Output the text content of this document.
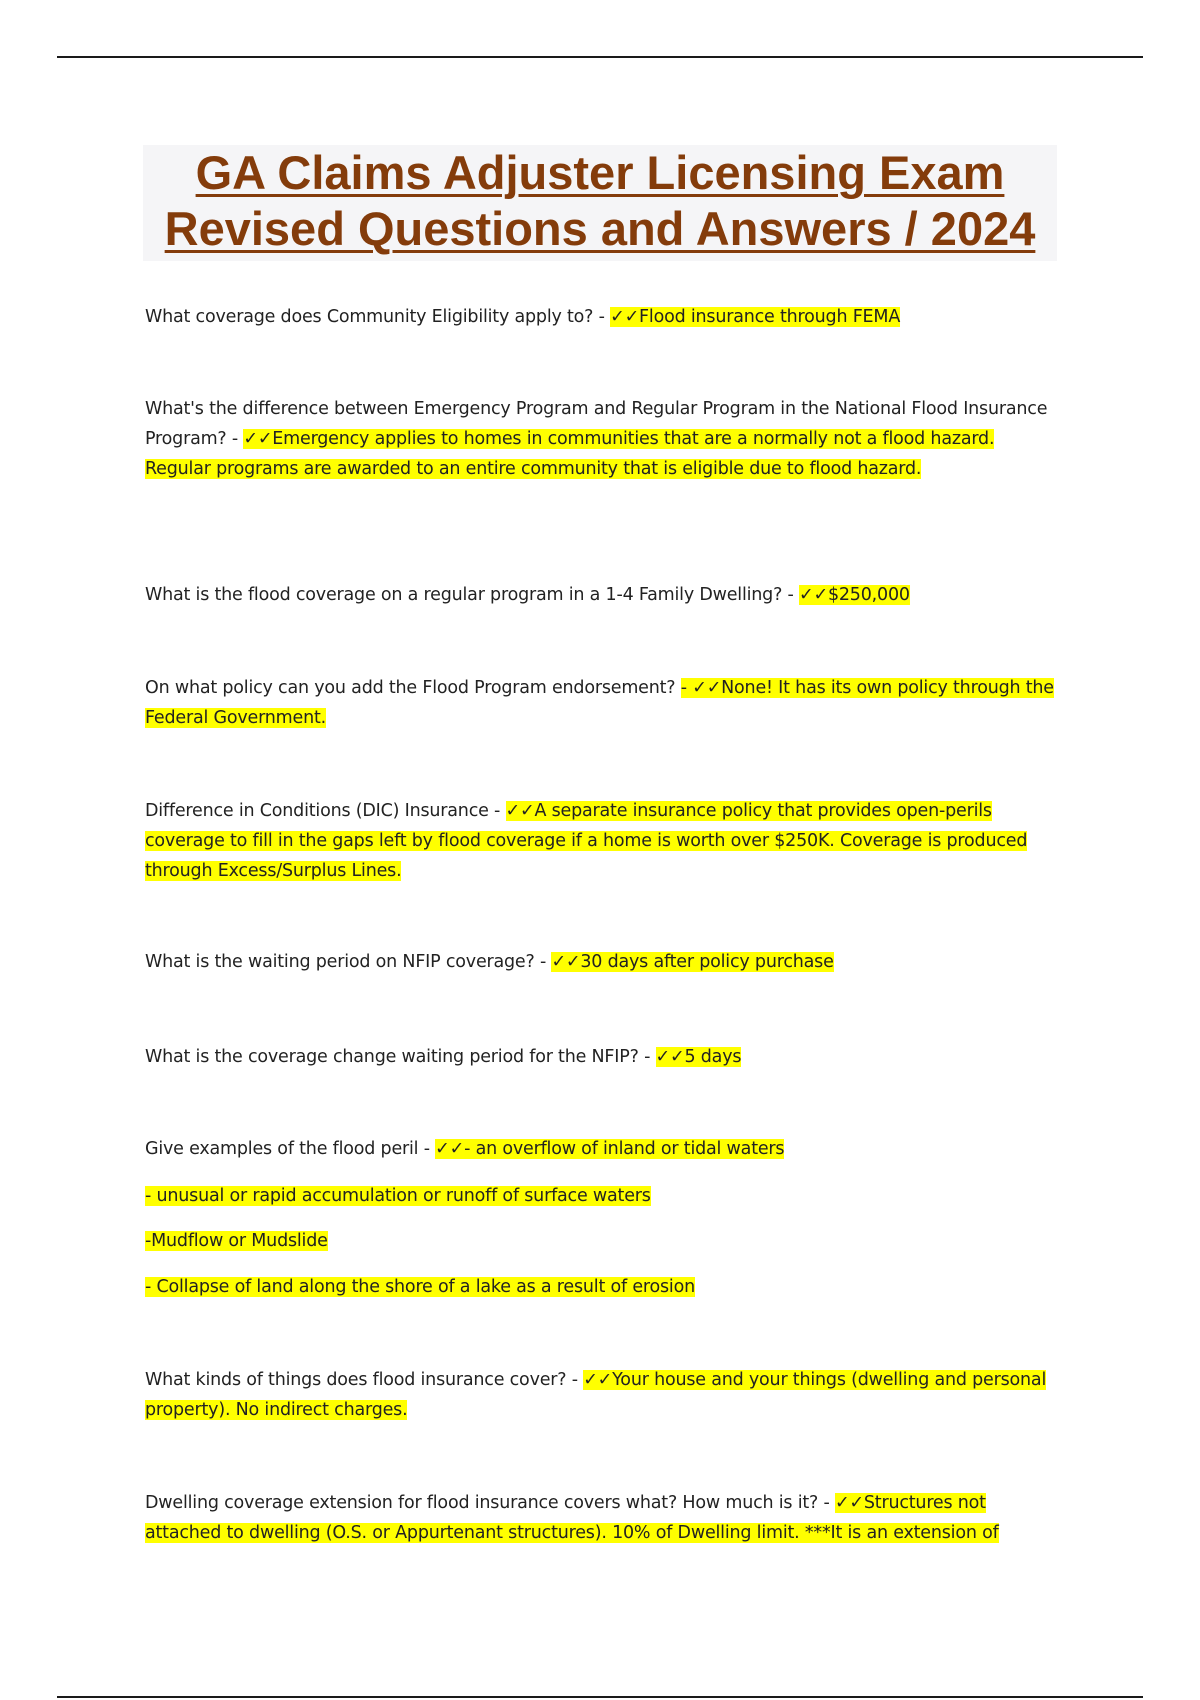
GA Claims Adjuster Licensing Exam
Revised Questions and Answers / 2024

What coverage does Community Eligibility apply to? - ✓✓Flood insurance through FEMA

What's the difference between Emergency Program and Regular Program in the National Flood Insurance Program? - ✓✓Emergency applies to homes in communities that are a normally not a flood hazard. Regular programs are awarded to an entire community that is eligible due to flood hazard.

What is the flood coverage on a regular program in a 1-4 Family Dwelling? - ✓✓$250,000

On what policy can you add the Flood Program endorsement? - ✓✓None! It has its own policy through the Federal Government.

Difference in Conditions (DIC) Insurance - ✓✓A separate insurance policy that provides open-perils coverage to fill in the gaps left by flood coverage if a home is worth over $250K. Coverage is produced through Excess/Surplus Lines.

What is the waiting period on NFIP coverage? - ✓✓30 days after policy purchase

What is the coverage change waiting period for the NFIP? - ✓✓5 days

Give examples of the flood peril - ✓✓- an overflow of inland or tidal waters

- unusual or rapid accumulation or runoff of surface waters

-Mudflow or Mudslide

- Collapse of land along the shore of a lake as a result of erosion

What kinds of things does flood insurance cover? - ✓✓Your house and your things (dwelling and personal property). No indirect charges.

Dwelling coverage extension for flood insurance covers what? How much is it? - ✓✓Structures not attached to dwelling (O.S. or Appurtenant structures). 10% of Dwelling limit. ***It is an extension of
